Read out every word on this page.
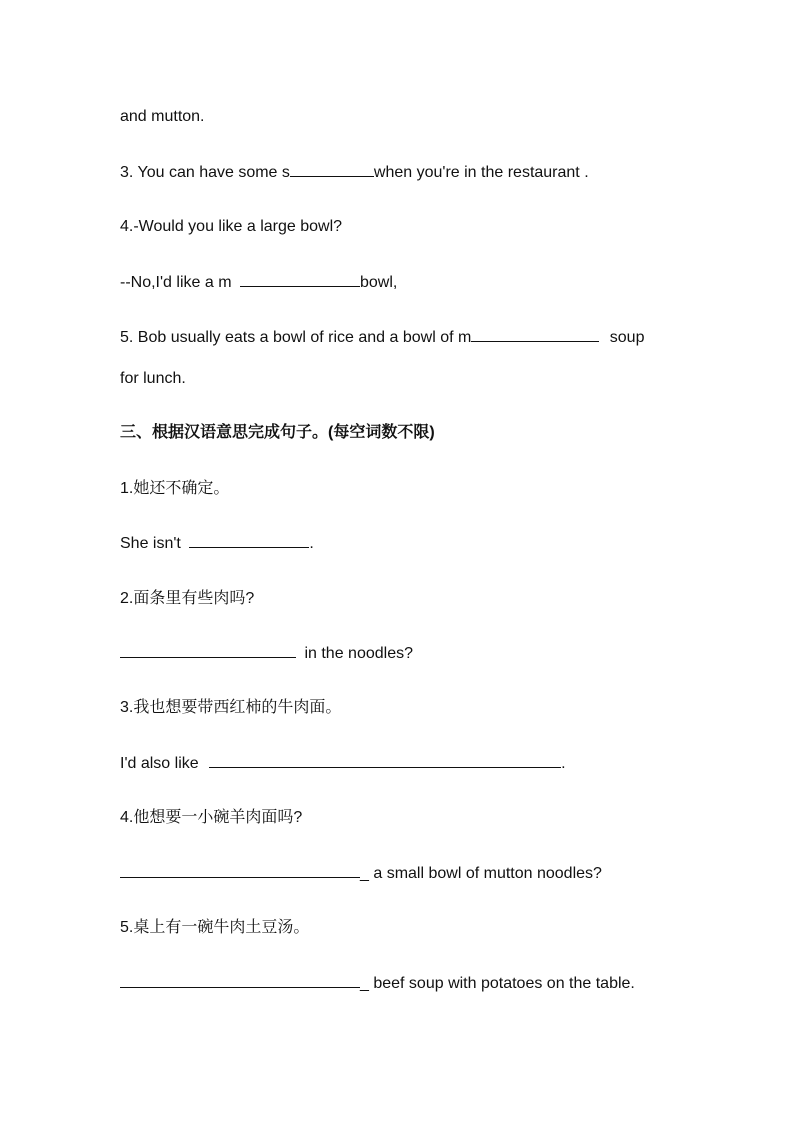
and mutton.
3. You can have some s	when you're in the restaurant .
4.-Would you like a large bowl?
--No,I'd like a m	bowl,
5. Bob usually eats a bowl of rice and a bowl of m	soup
for lunch.
三、根据汉语意思完成句子。(每空词数不限)
1.她还不确定。
She isn't	.
2.面条里有些肉吗?
in the noodles?
3.我也想要带西红柿的牛肉面。
I'd also like	.
4.他想要一小碗羊肉面吗?
_ a small bowl of mutton noodles?
5.桌上有一碗牛肉土豆汤。
_ beef soup with potatoes on the table.
